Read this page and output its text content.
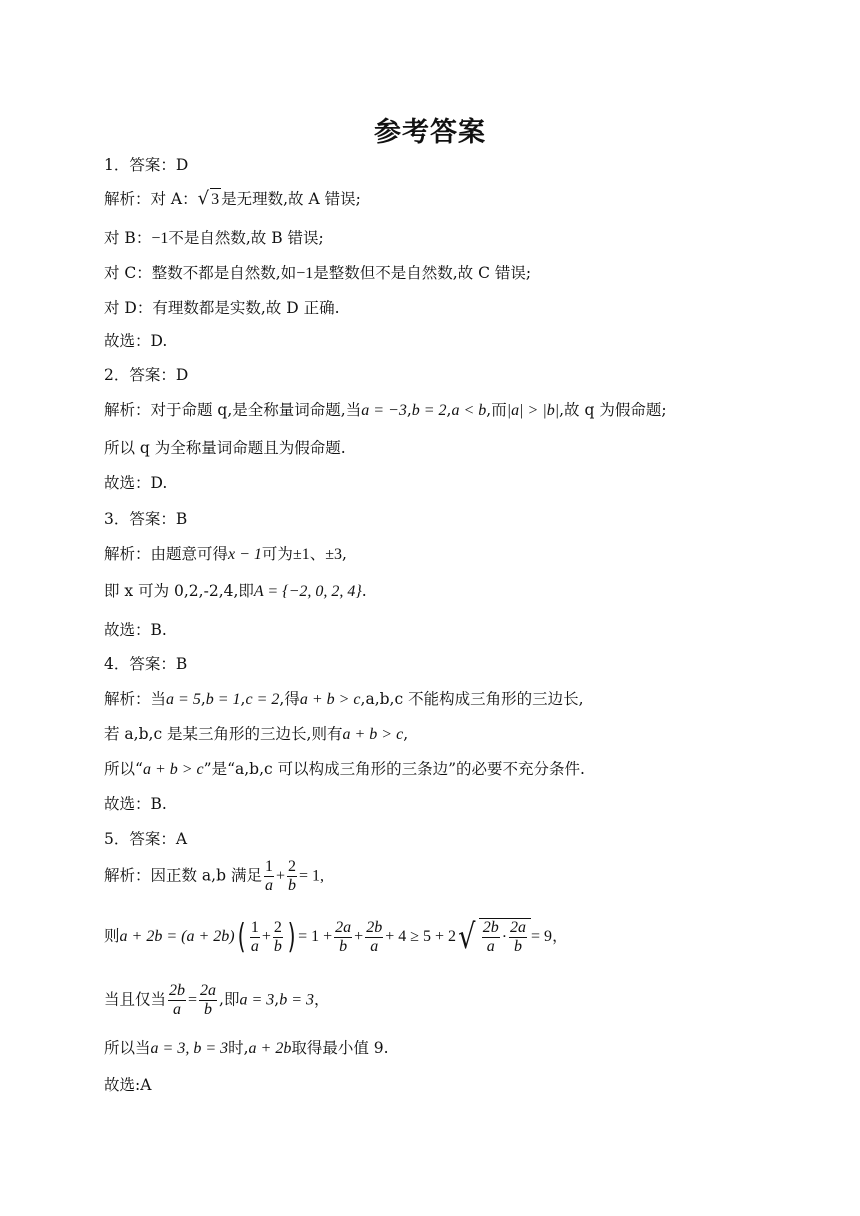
参考答案
1．答案：D
解析：对 A：√ 3 是无理数,故 A 错误;
对 B：−1不是自然数,故 B 错误;
对 C：整数不都是自然数,如−1是整数但不是自然数,故 C 错误;
对 D：有理数都是实数,故 D 正确.
故选：D.
2．答案：D
解析：对于命题 q,是全称量词命题,当a = −3,b = 2,a < b,而|a| > |b|,故 q 为假命题;
所以 q 为全称量词命题且为假命题.
故选：D.
3．答案：B
解析：由题意可得x − 1可为±1、±3,
即 x 可为 0,2,-2,4,即A = {−2, 0, 2, 4}.
故选：B.
4．答案：B
解析：当a = 5,b = 1,c = 2,得a + b > c,a,b,c 不能构成三角形的三边长,
若 a,b,c 是某三角形的三边长,则有a + b > c,
所以“a + b > c”是“a,b,c 可以构成三角形的三条边”的必要不充分条件.
故选：B.
5．答案：A
解析：因正数 a,b 满足 $\frac{1}{a} + \frac{2}{b} = 1$,
则$a + 2b = (a + 2b)( \frac{1}{a} + \frac{2}{b}$ ) = $1 + \frac{2a}{b} + \frac{2b}{a} + 4 \ge 5 + 2√ \frac{2b}{a} \cdot \frac{2a}{b} = 9$，
当且仅当 $\frac{2b}{a} = \frac{2a}{b}$ ,即a = 3,b = 3，
所以当a = 3, b = 3时,a + 2b取得最小值 9.
故选:A
